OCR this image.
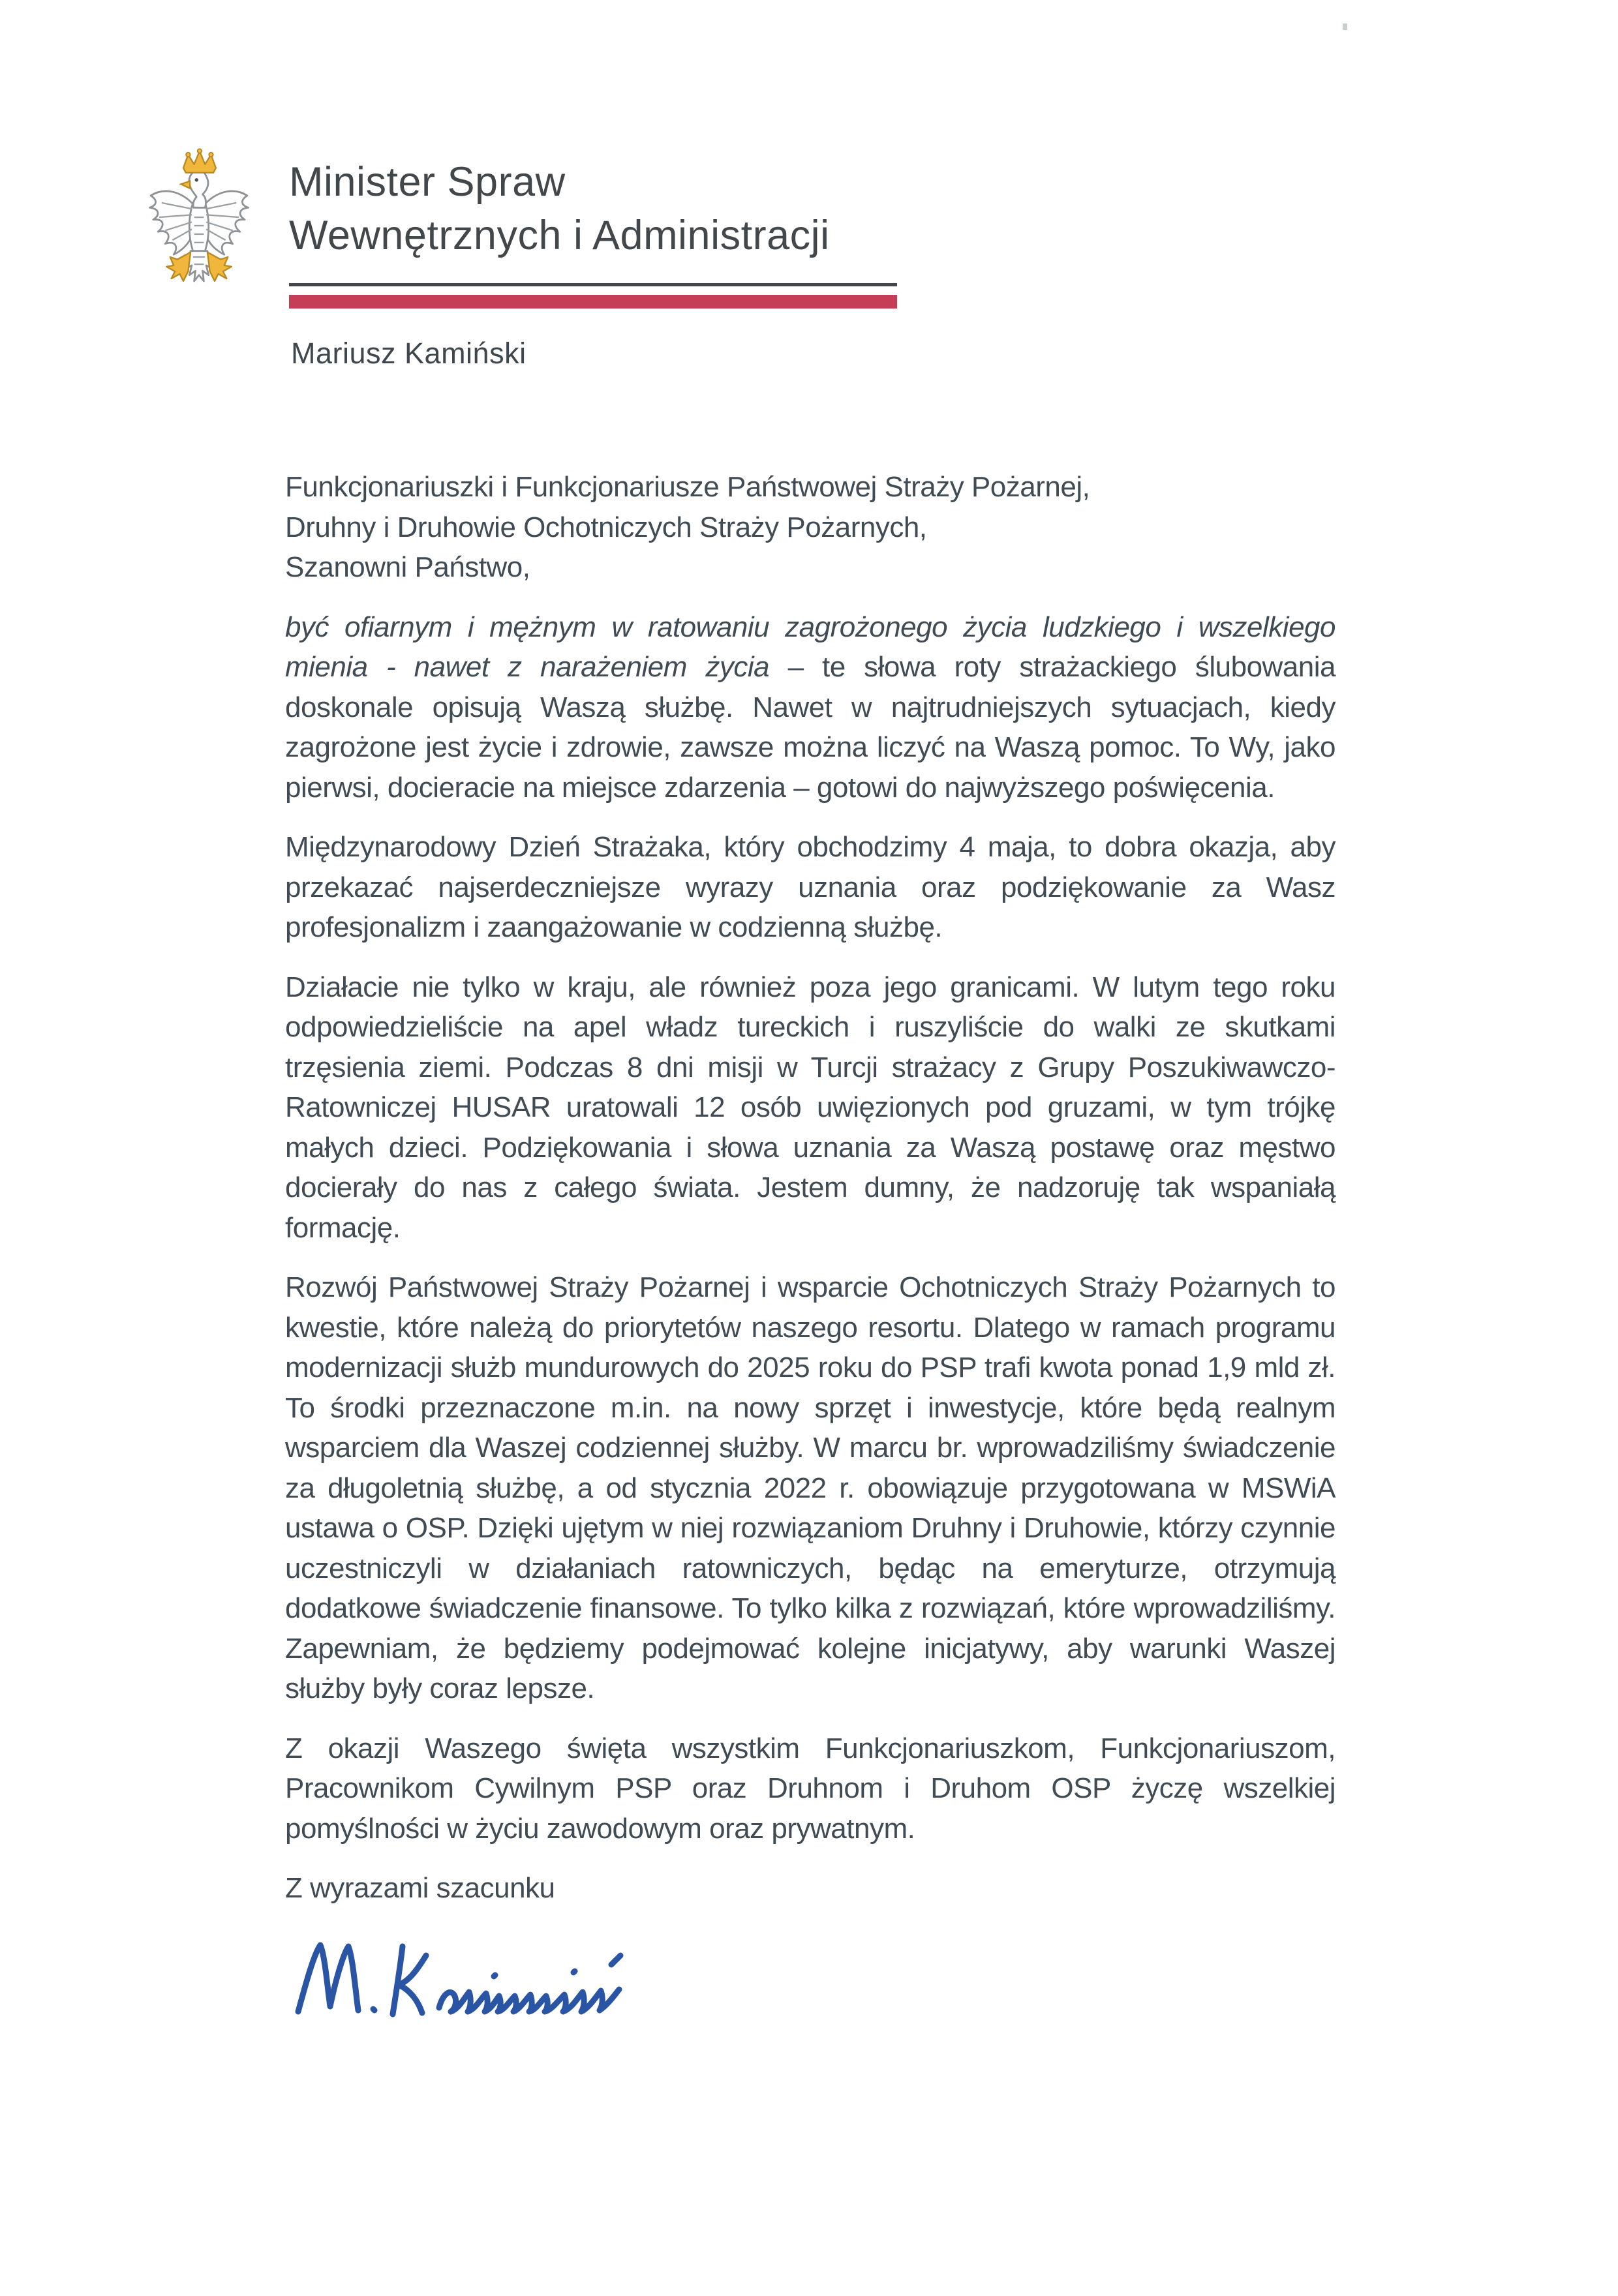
Minister Spraw
Wewnętrznych i Administracji
Mariusz Kamiński
Funkcjonariuszki i Funkcjonariusze Państwowej Straży Pożarnej,
Druhny i Druhowie Ochotniczych Straży Pożarnych,
Szanowni Państwo,

być ofiarnym i mężnym w ratowaniu zagrożonego życia ludzkiego i wszelkiego mienia - nawet z narażeniem życia – te słowa roty strażackiego ślubowania doskonale opisują Waszą służbę. Nawet w najtrudniejszych sytuacjach, kiedy zagrożone jest życie i zdrowie, zawsze można liczyć na Waszą pomoc. To Wy, jako pierwsi, docieracie na miejsce zdarzenia – gotowi do najwyższego poświęcenia.

Międzynarodowy Dzień Strażaka, który obchodzimy 4 maja, to dobra okazja, aby przekazać najserdeczniejsze wyrazy uznania oraz podziękowanie za Wasz profesjonalizm i zaangażowanie w codzienną służbę.

Działacie nie tylko w kraju, ale również poza jego granicami. W lutym tego roku odpowiedzieliście na apel władz tureckich i ruszyliście do walki ze skutkami trzęsienia ziemi. Podczas 8 dni misji w Turcji strażacy z Grupy Poszukiwawczo-Ratowniczej HUSAR uratowali 12 osób uwięzionych pod gruzami, w tym trójkę małych dzieci. Podziękowania i słowa uznania za Waszą postawę oraz męstwo docierały do nas z całego świata. Jestem dumny, że nadzoruję tak wspaniałą formację.

Rozwój Państwowej Straży Pożarnej i wsparcie Ochotniczych Straży Pożarnych to kwestie, które należą do priorytetów naszego resortu. Dlatego w ramach programu modernizacji służb mundurowych do 2025 roku do PSP trafi kwota ponad 1,9 mld zł. To środki przeznaczone m.in. na nowy sprzęt i inwestycje, które będą realnym wsparciem dla Waszej codziennej służby. W marcu br. wprowadziliśmy świadczenie za długoletnią służbę, a od stycznia 2022 r. obowiązuje przygotowana w MSWiA ustawa o OSP. Dzięki ujętym w niej rozwiązaniom Druhny i Druhowie, którzy czynnie uczestniczyli w działaniach ratowniczych, będąc na emeryturze, otrzymują dodatkowe świadczenie finansowe. To tylko kilka z rozwiązań, które wprowadziliśmy. Zapewniam, że będziemy podejmować kolejne inicjatywy, aby warunki Waszej służby były coraz lepsze.

Z okazji Waszego święta wszystkim Funkcjonariuszkom, Funkcjonariuszom, Pracownikom Cywilnym PSP oraz Druhnom i Druhom OSP życzę wszelkiej pomyślności w życiu zawodowym oraz prywatnym.

Z wyrazami szacunku
